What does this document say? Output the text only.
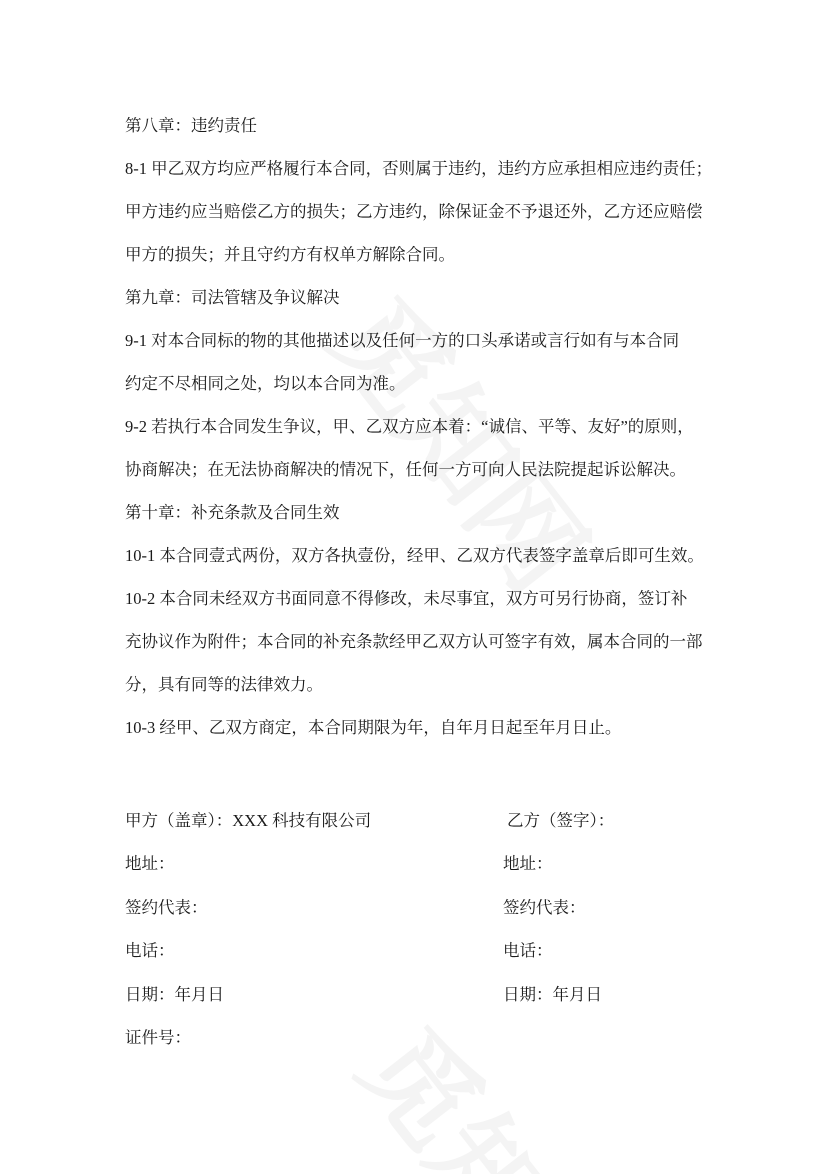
第八章：违约责任
8-1 甲乙双方均应严格履行本合同，否则属于违约，违约方应承担相应违约责任；
甲方违约应当赔偿乙方的损失；乙方违约，除保证金不予退还外，乙方还应赔偿
甲方的损失；并且守约方有权单方解除合同。
第九章：司法管辖及争议解决
9-1 对本合同标的物的其他描述以及任何一方的口头承诺或言行如有与本合同
约定不尽相同之处，均以本合同为准。
9-2 若执行本合同发生争议，甲、乙双方应本着：“诚信、平等、友好”的原则，
协商解决；在无法协商解决的情况下，任何一方可向人民法院提起诉讼解决。
第十章：补充条款及合同生效
10-1 本合同壹式两份，双方各执壹份，经甲、乙双方代表签字盖章后即可生效。
10-2 本合同未经双方书面同意不得修改，未尽事宜，双方可另行协商，签订补
充协议作为附件；本合同的补充条款经甲乙双方认可签字有效，属本合同的一部
分，具有同等的法律效力。
10-3 经甲、乙双方商定，本合同期限为年，自年月日起至年月日止。
甲方（盖章）：XXX 科技有限公司	乙方（签字）：
地址：	地址：
签约代表：	签约代表：
电话：	电话：
日期：年月日	日期：年月日
证件号：
